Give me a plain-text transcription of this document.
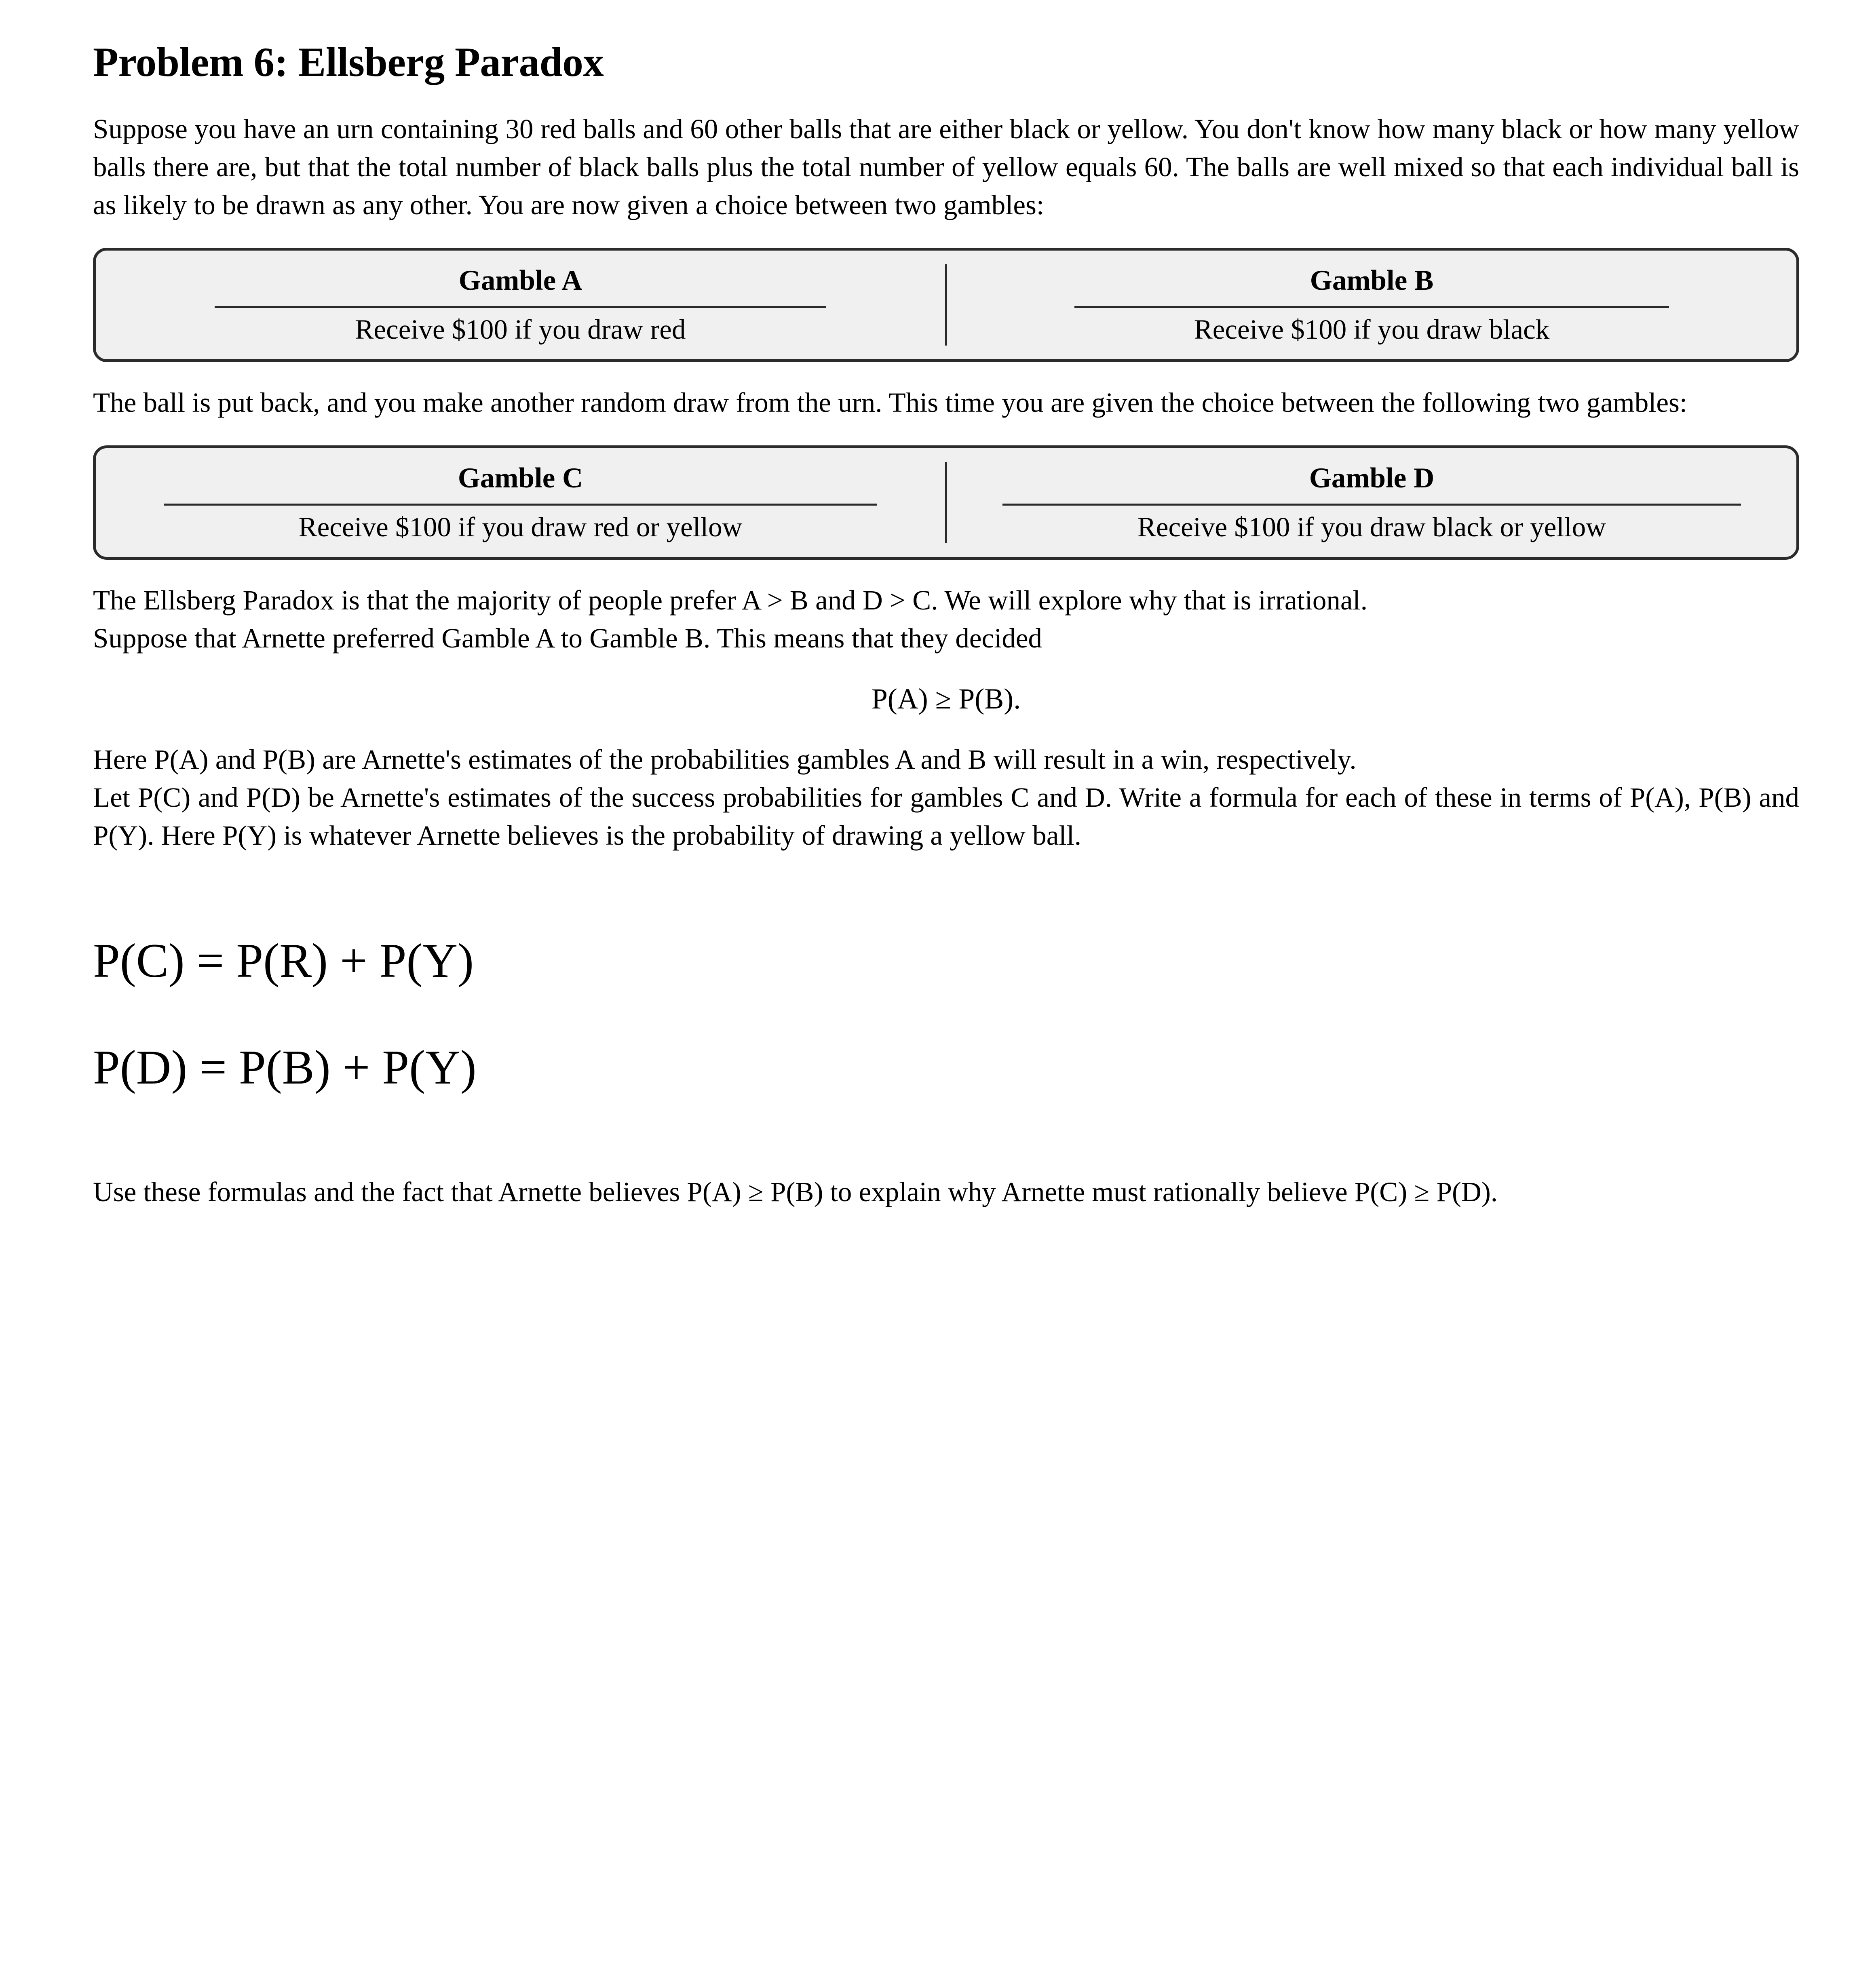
Problem 6: Ellsberg Paradox

Suppose you have an urn containing 30 red balls and 60 other balls that are either black or yellow. You don't know how many black or how many yellow balls there are, but that the total number of black balls plus the total number of yellow equals 60. The balls are well mixed so that each individual ball is as likely to be drawn as any other. You are now given a choice between two gambles:

Gamble A
Receive $100 if you draw red

Gamble B
Receive $100 if you draw black

The ball is put back, and you make another random draw from the urn. This time you are given the choice between the following two gambles:

Gamble C
Receive $100 if you draw red or yellow

Gamble D
Receive $100 if you draw black or yellow

The Ellsberg Paradox is that the majority of people prefer A > B and D > C. We will explore why that is irrational.

Suppose that Arnette preferred Gamble A to Gamble B. This means that they decided

P(A) ≥ P(B).

Here P(A) and P(B) are Arnette's estimates of the probabilities gambles A and B will result in a win, respectively.

Let P(C) and P(D) be Arnette's estimates of the success probabilities for gambles C and D. Write a formula for each of these in terms of P(A), P(B) and P(Y). Here P(Y) is whatever Arnette believes is the probability of drawing a yellow ball.

P(C) = P(R) + P(Y)
P(D) = P(B) + P(Y)

Use these formulas and the fact that Arnette believes P(A) ≥ P(B) to explain why Arnette must rationally believe P(C) ≥ P(D).
